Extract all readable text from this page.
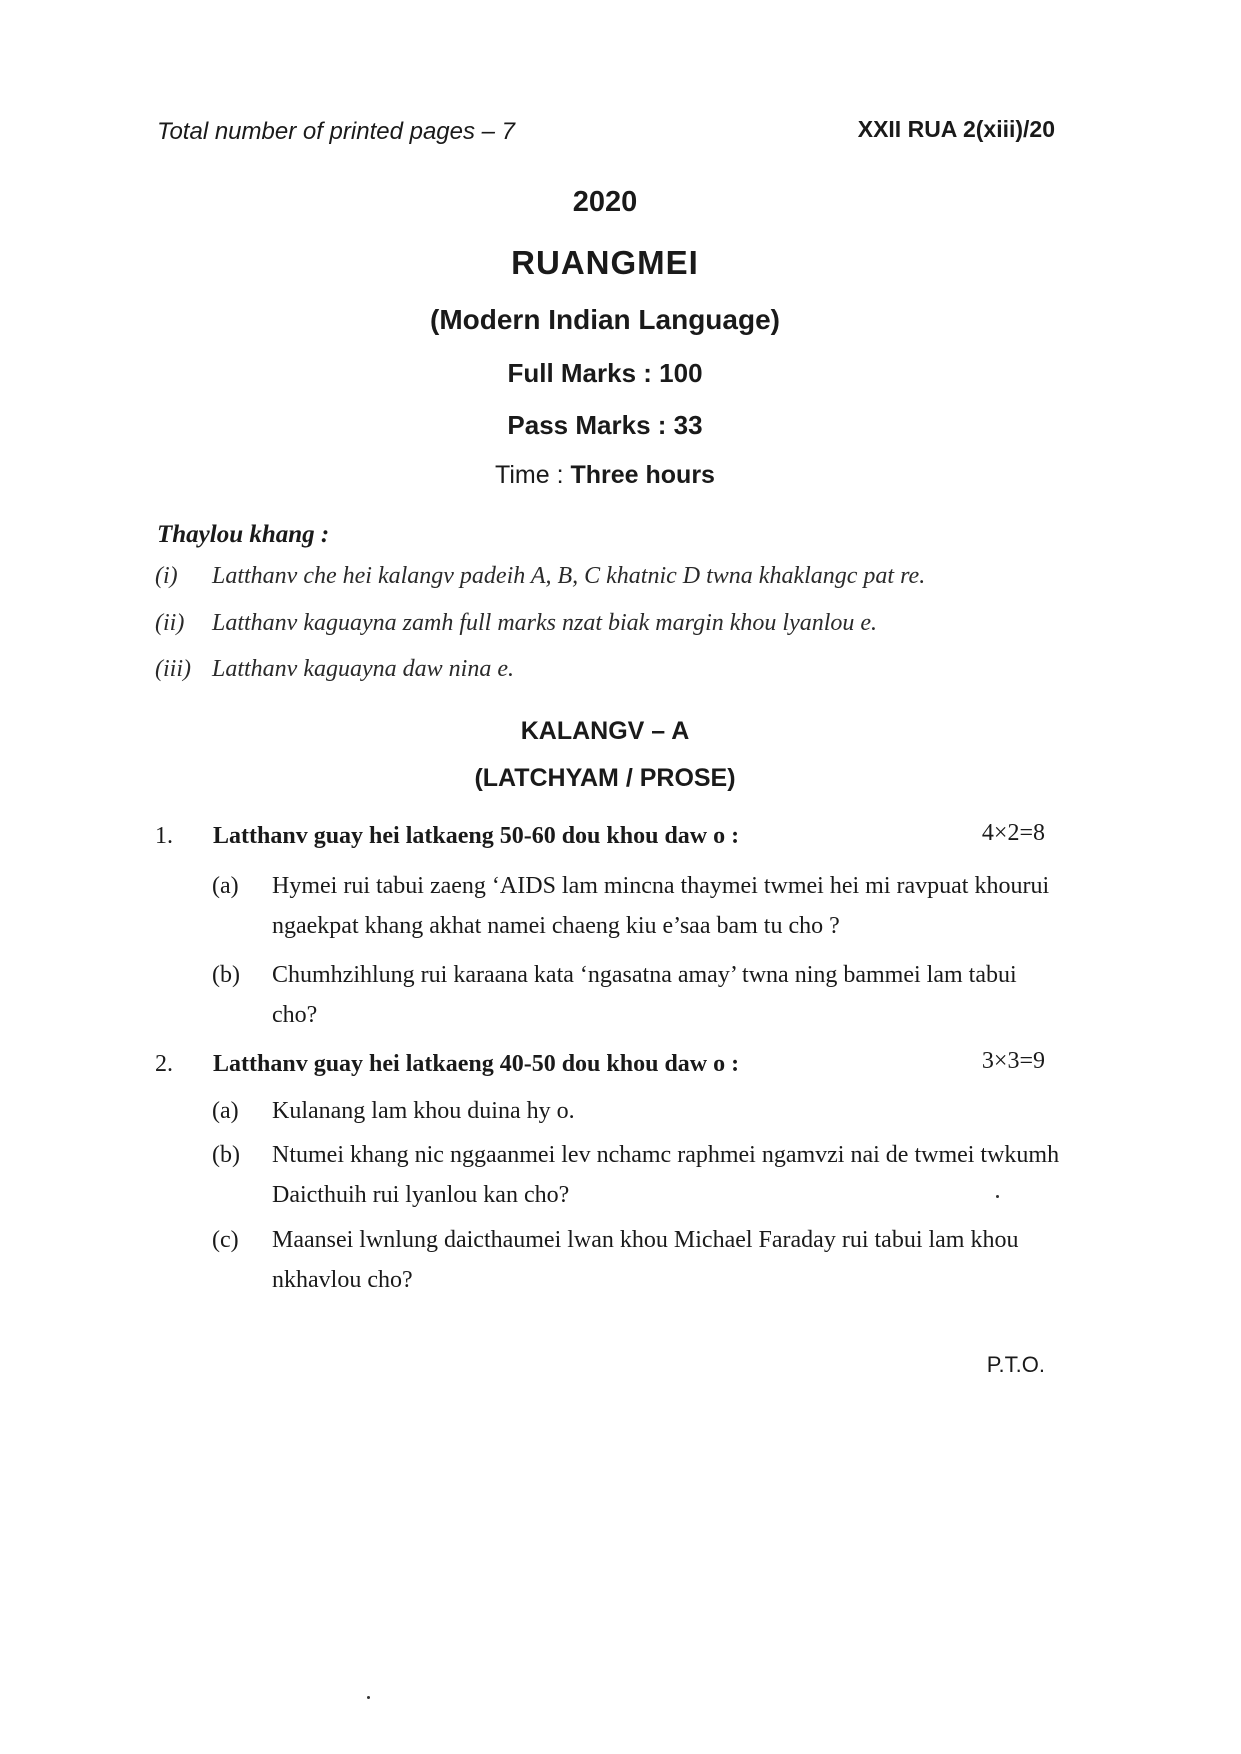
Total number of printed pages – 7	XXII RUA 2(xiii)/20
2020
RUANGMEI
(Modern Indian Language)
Full Marks : 100
Pass Marks : 33
Time : Three hours
Thaylou khang :
(i)	Latthanv che hei kalangv padeih A, B, C khatnic D twna khaklangc pat re.
(ii)	Latthanv kaguayna zamh full marks nzat biak margin khou lyanlou e.
(iii) Latthanv kaguayna daw nina e.
KALANGV – A
(LATCHYAM / PROSE)
1. Latthanv guay hei latkaeng 50-60 dou khou daw o :	4×2=8
(a) Hymei rui tabui zaeng ‘AIDS lam mincna thaymei twmei hei mi ravpuat khourui ngaekpat khang akhat namei chaeng kiu e’saa bam tu cho ?
(b) Chumhzihlung rui karaana kata ‘ngasatna amay’ twna ning bammei lam tabui cho?
2. Latthanv guay hei latkaeng 40-50 dou khou daw o :	3×3=9
(a) Kulanang lam khou duina hy o.
(b) Ntumei khang nic nggaanmei lev nchamc raphmei ngamvzi nai de twmei twkumh Daicthuih rui lyanlou kan cho?
(c) Maansei lwnlung daicthaumei lwan khou Michael Faraday rui tabui lam khou nkhavlou cho?
P.T.O.
